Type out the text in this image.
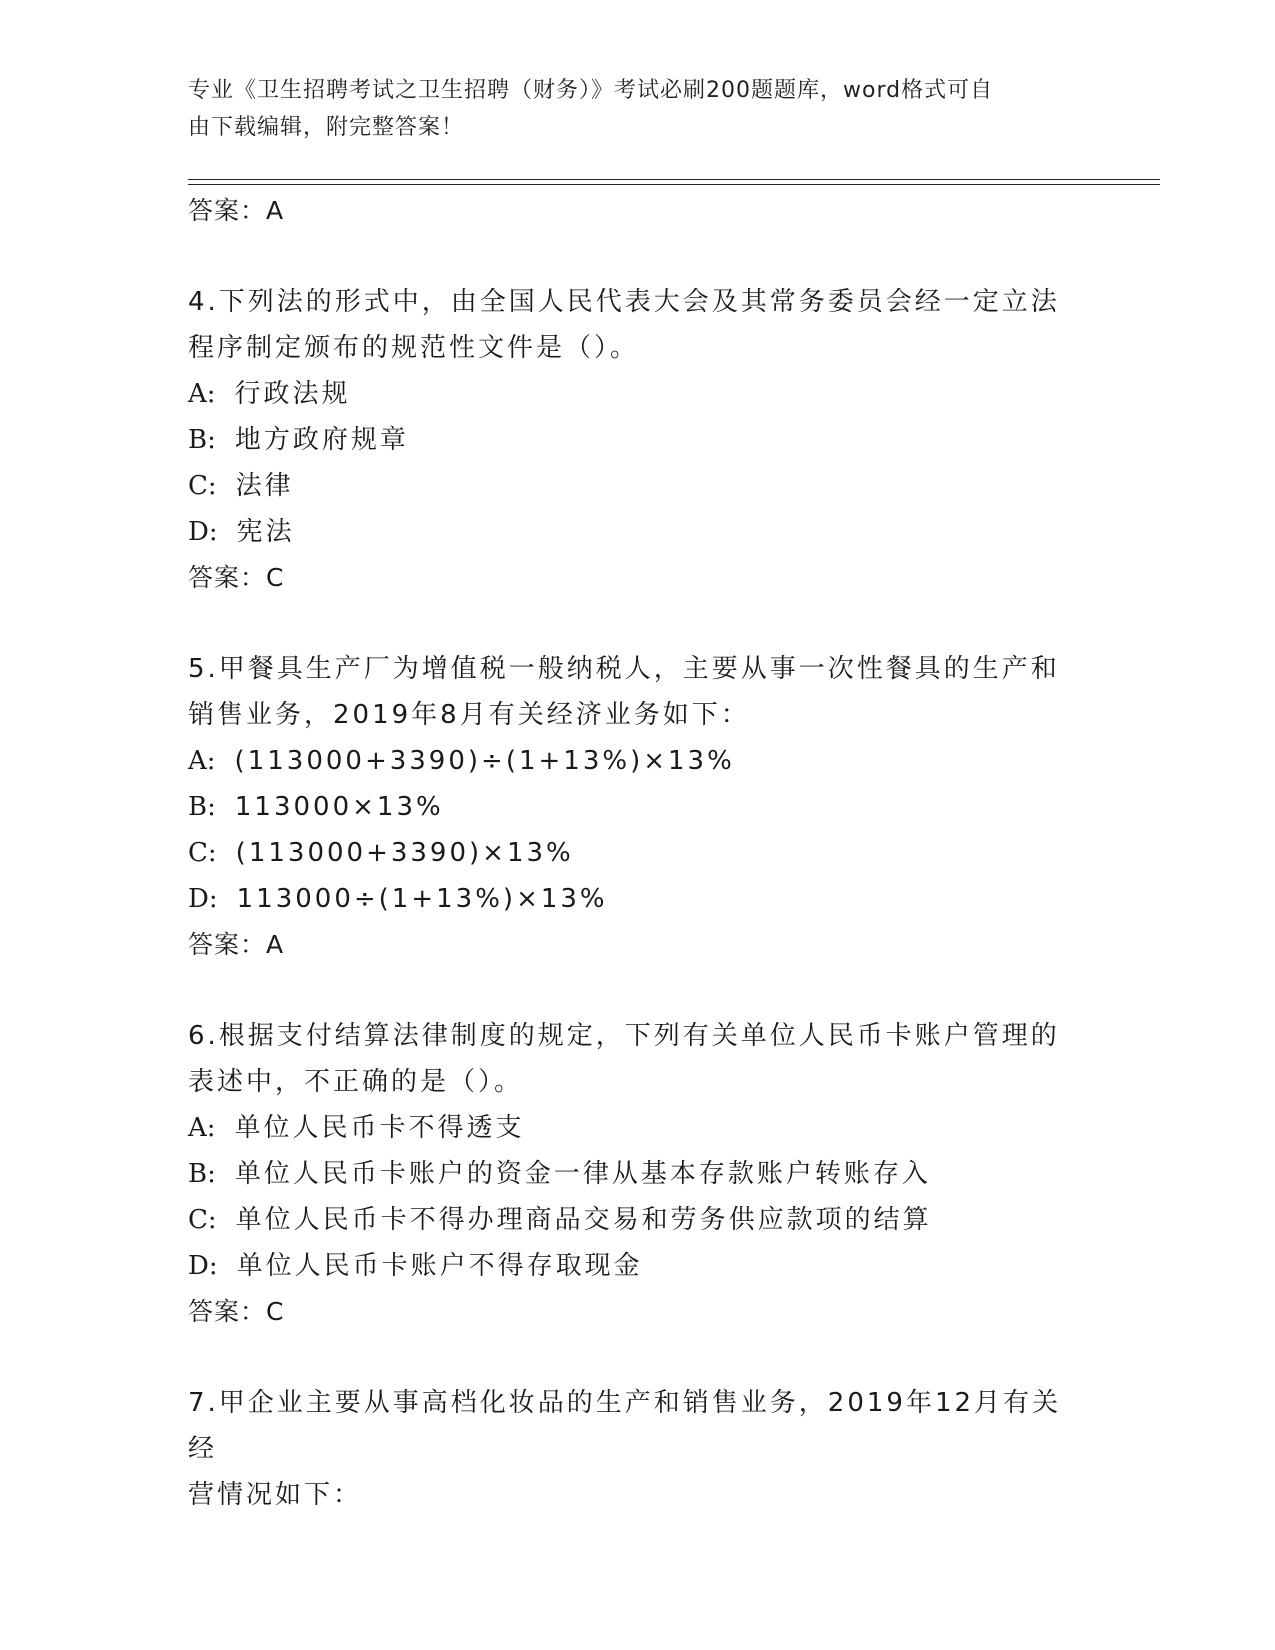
专业《卫生招聘考试之卫生招聘（财务）》考试必刷200题题库，word格式可自
由下载编辑，附完整答案！
答案：A
4.下列法的形式中，由全国人民代表大会及其常务委员会经一定立法
程序制定颁布的规范性文件是（）。
A: 行政法规
B: 地方政府规章
C: 法律
D: 宪法
答案：C
5.甲餐具生产厂为增值税一般纳税人，主要从事一次性餐具的生产和
销售业务，2019年8月有关经济业务如下：
A: (113000+3390)÷(1+13%)×13%
B: 113000×13%
C: (113000+3390)×13%
D: 113000÷(1+13%)×13%
答案：A
6.根据支付结算法律制度的规定，下列有关单位人民币卡账户管理的
表述中，不正确的是（）。
A: 单位人民币卡不得透支
B: 单位人民币卡账户的资金一律从基本存款账户转账存入
C: 单位人民币卡不得办理商品交易和劳务供应款项的结算
D: 单位人民币卡账户不得存取现金
答案：C
7.甲企业主要从事高档化妆品的生产和销售业务，2019年12月有关经
营情况如下：
